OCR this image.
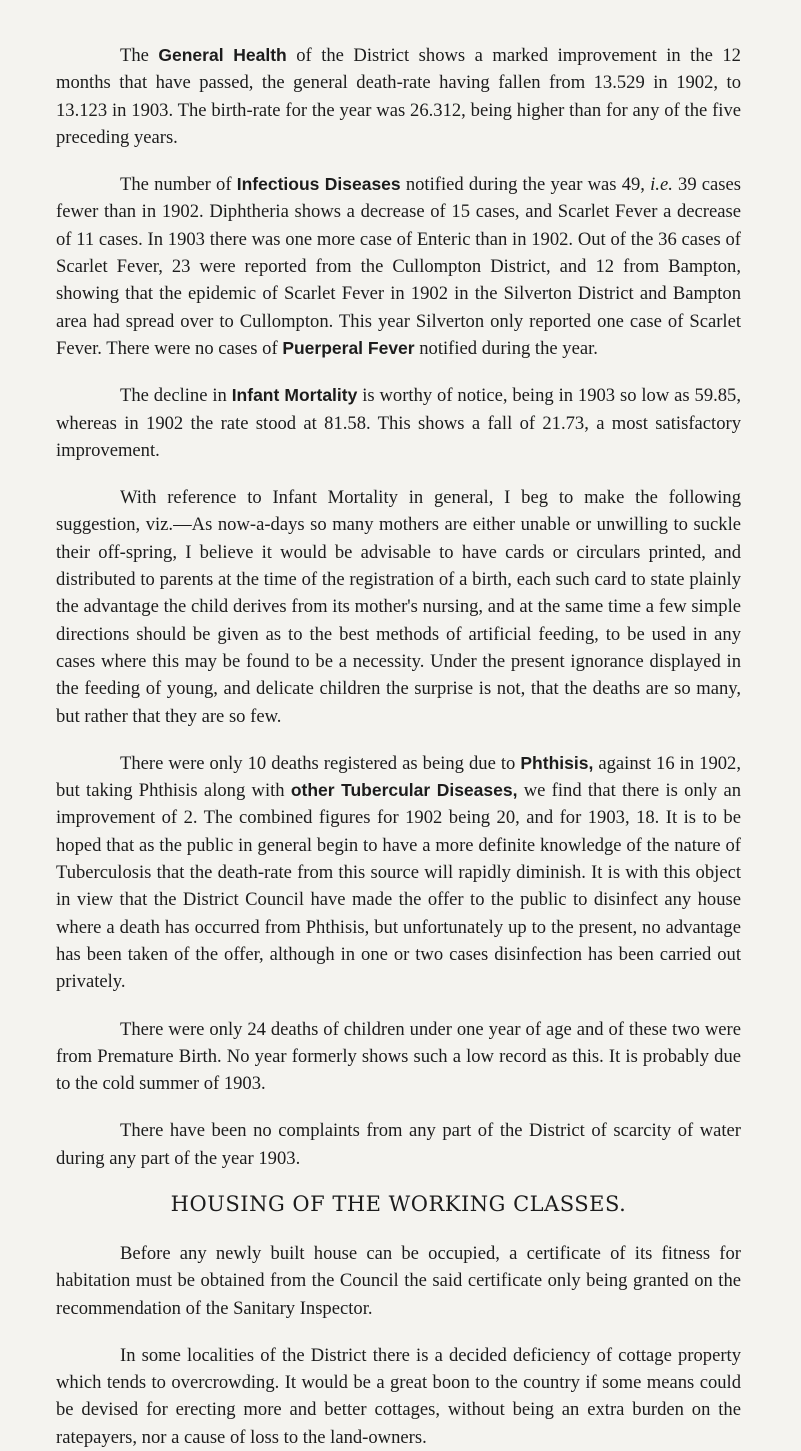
The General Health of the District shows a marked improvement in the 12 months that have passed, the general death-rate having fallen from 13.529 in 1902, to 13.123 in 1903. The birth-rate for the year was 26.312, being higher than for any of the five preceding years.

The number of Infectious Diseases notified during the year was 49, i.e. 39 cases fewer than in 1902. Diphtheria shows a decrease of 15 cases, and Scarlet Fever a decrease of 11 cases. In 1903 there was one more case of Enteric than in 1902. Out of the 36 cases of Scarlet Fever, 23 were reported from the Cullompton District, and 12 from Bampton, showing that the epidemic of Scarlet Fever in 1902 in the Silverton District and Bampton area had spread over to Cullompton. This year Silverton only reported one case of Scarlet Fever. There were no cases of Puerperal Fever notified during the year.

The decline in Infant Mortality is worthy of notice, being in 1903 so low as 59.85, whereas in 1902 the rate stood at 81.58. This shows a fall of 21.73, a most satisfactory improvement.

With reference to Infant Mortality in general, I beg to make the following suggestion, viz.—As now-a-days so many mothers are either unable or unwilling to suckle their off-spring, I believe it would be advisable to have cards or circulars printed, and distributed to parents at the time of the registration of a birth, each such card to state plainly the advantage the child derives from its mother's nursing, and at the same time a few simple directions should be given as to the best methods of artificial feeding, to be used in any cases where this may be found to be a necessity. Under the present ignorance displayed in the feeding of young, and delicate children the surprise is not, that the deaths are so many, but rather that they are so few.

There were only 10 deaths registered as being due to Phthisis, against 16 in 1902, but taking Phthisis along with other Tubercular Diseases, we find that there is only an improvement of 2. The combined figures for 1902 being 20, and for 1903, 18. It is to be hoped that as the public in general begin to have a more definite knowledge of the nature of Tuberculosis that the death-rate from this source will rapidly diminish. It is with this object in view that the District Council have made the offer to the public to disinfect any house where a death has occurred from Phthisis, but unfortunately up to the present, no advantage has been taken of the offer, although in one or two cases disinfection has been carried out privately.

There were only 24 deaths of children under one year of age and of these two were from Premature Birth. No year formerly shows such a low record as this. It is probably due to the cold summer of 1903.

There have been no complaints from any part of the District of scarcity of water during any part of the year 1903.

HOUSING OF THE WORKING CLASSES.

Before any newly built house can be occupied, a certificate of its fitness for habitation must be obtained from the Council the said certificate only being granted on the recommendation of the Sanitary Inspector.

In some localities of the District there is a decided deficiency of cottage property which tends to overcrowding. It would be a great boon to the country if some means could be devised for erecting more and better cottages, without being an extra burden on the ratepayers, nor a cause of loss to the land-owners.
